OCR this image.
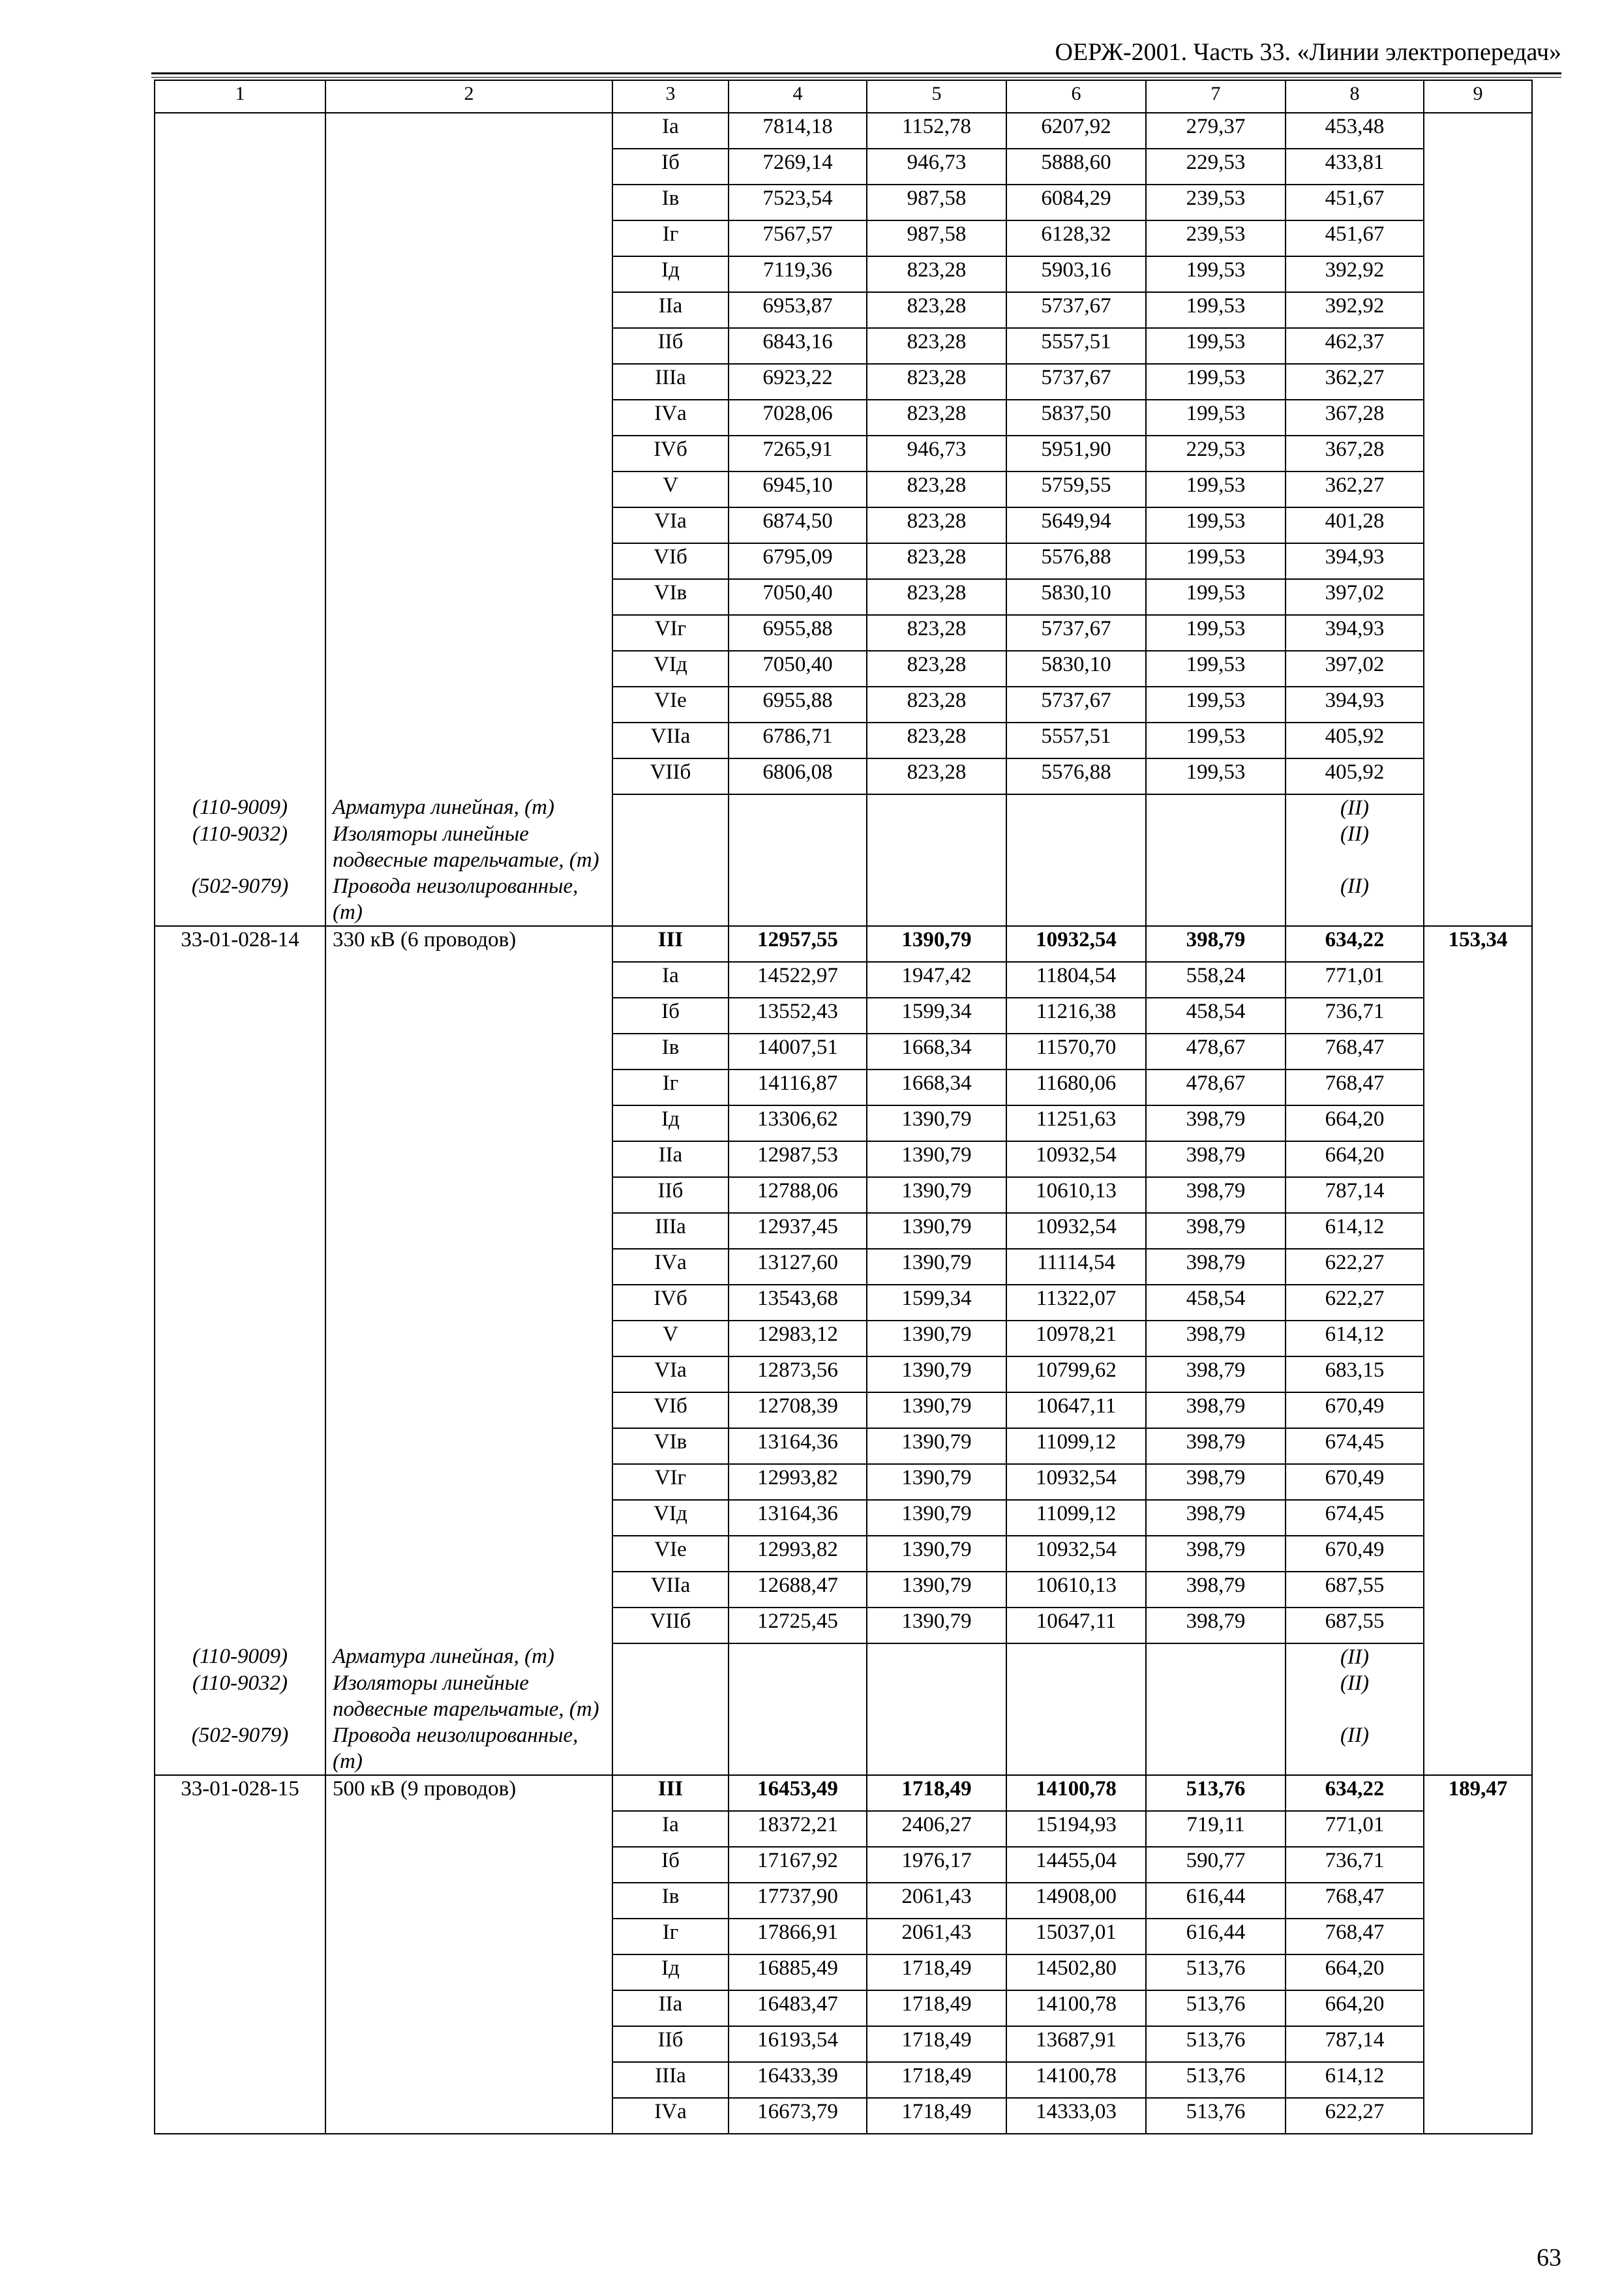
ОЕРЖ-2001. Часть 33. «Линии электропередач»
1	2	3	4	5	6	7	8	9
		Iа	7814,18	1152,78	6207,92	279,37	453,48	
		Iб	7269,14	946,73	5888,60	229,53	433,81	
		Iв	7523,54	987,58	6084,29	239,53	451,67	
		Iг	7567,57	987,58	6128,32	239,53	451,67	
		Iд	7119,36	823,28	5903,16	199,53	392,92	
		IIа	6953,87	823,28	5737,67	199,53	392,92	
		IIб	6843,16	823,28	5557,51	199,53	462,37	
		IIIа	6923,22	823,28	5737,67	199,53	362,27	
		IVа	7028,06	823,28	5837,50	199,53	367,28	
		IVб	7265,91	946,73	5951,90	229,53	367,28	
		V	6945,10	823,28	5759,55	199,53	362,27	
		VIа	6874,50	823,28	5649,94	199,53	401,28	
		VIб	6795,09	823,28	5576,88	199,53	394,93	
		VIв	7050,40	823,28	5830,10	199,53	397,02	
		VIг	6955,88	823,28	5737,67	199,53	394,93	
		VIд	7050,40	823,28	5830,10	199,53	397,02	
		VIе	6955,88	823,28	5737,67	199,53	394,93	
		VIIа	6786,71	823,28	5557,51	199,53	405,92	
		VIIб	6806,08	823,28	5576,88	199,53	405,92	
(110-9009)	Арматура линейная, (т)						(II)	
(110-9032)	Изоляторы линейные подвесные тарельчатые, (т)						(II)	
(502-9079)	Провода неизолированные, (т)						(II)	
33-01-028-14	330 кВ (6 проводов)	III	12957,55	1390,79	10932,54	398,79	634,22	153,34
		Iа	14522,97	1947,42	11804,54	558,24	771,01	
		Iб	13552,43	1599,34	11216,38	458,54	736,71	
		Iв	14007,51	1668,34	11570,70	478,67	768,47	
		Iг	14116,87	1668,34	11680,06	478,67	768,47	
		Iд	13306,62	1390,79	11251,63	398,79	664,20	
		IIа	12987,53	1390,79	10932,54	398,79	664,20	
		IIб	12788,06	1390,79	10610,13	398,79	787,14	
		IIIа	12937,45	1390,79	10932,54	398,79	614,12	
		IVа	13127,60	1390,79	11114,54	398,79	622,27	
		IVб	13543,68	1599,34	11322,07	458,54	622,27	
		V	12983,12	1390,79	10978,21	398,79	614,12	
		VIа	12873,56	1390,79	10799,62	398,79	683,15	
		VIб	12708,39	1390,79	10647,11	398,79	670,49	
		VIв	13164,36	1390,79	11099,12	398,79	674,45	
		VIг	12993,82	1390,79	10932,54	398,79	670,49	
		VIд	13164,36	1390,79	11099,12	398,79	674,45	
		VIе	12993,82	1390,79	10932,54	398,79	670,49	
		VIIа	12688,47	1390,79	10610,13	398,79	687,55	
		VIIб	12725,45	1390,79	10647,11	398,79	687,55	
(110-9009)	Арматура линейная, (т)						(II)	
(110-9032)	Изоляторы линейные подвесные тарельчатые, (т)						(II)	
(502-9079)	Провода неизолированные, (т)						(II)	
33-01-028-15	500 кВ (9 проводов)	III	16453,49	1718,49	14100,78	513,76	634,22	189,47
		Iа	18372,21	2406,27	15194,93	719,11	771,01	
		Iб	17167,92	1976,17	14455,04	590,77	736,71	
		Iв	17737,90	2061,43	14908,00	616,44	768,47	
		Iг	17866,91	2061,43	15037,01	616,44	768,47	
		Iд	16885,49	1718,49	14502,80	513,76	664,20	
		IIа	16483,47	1718,49	14100,78	513,76	664,20	
		IIб	16193,54	1718,49	13687,91	513,76	787,14	
		IIIа	16433,39	1718,49	14100,78	513,76	614,12	
		IVа	16673,79	1718,49	14333,03	513,76	622,27	
63
